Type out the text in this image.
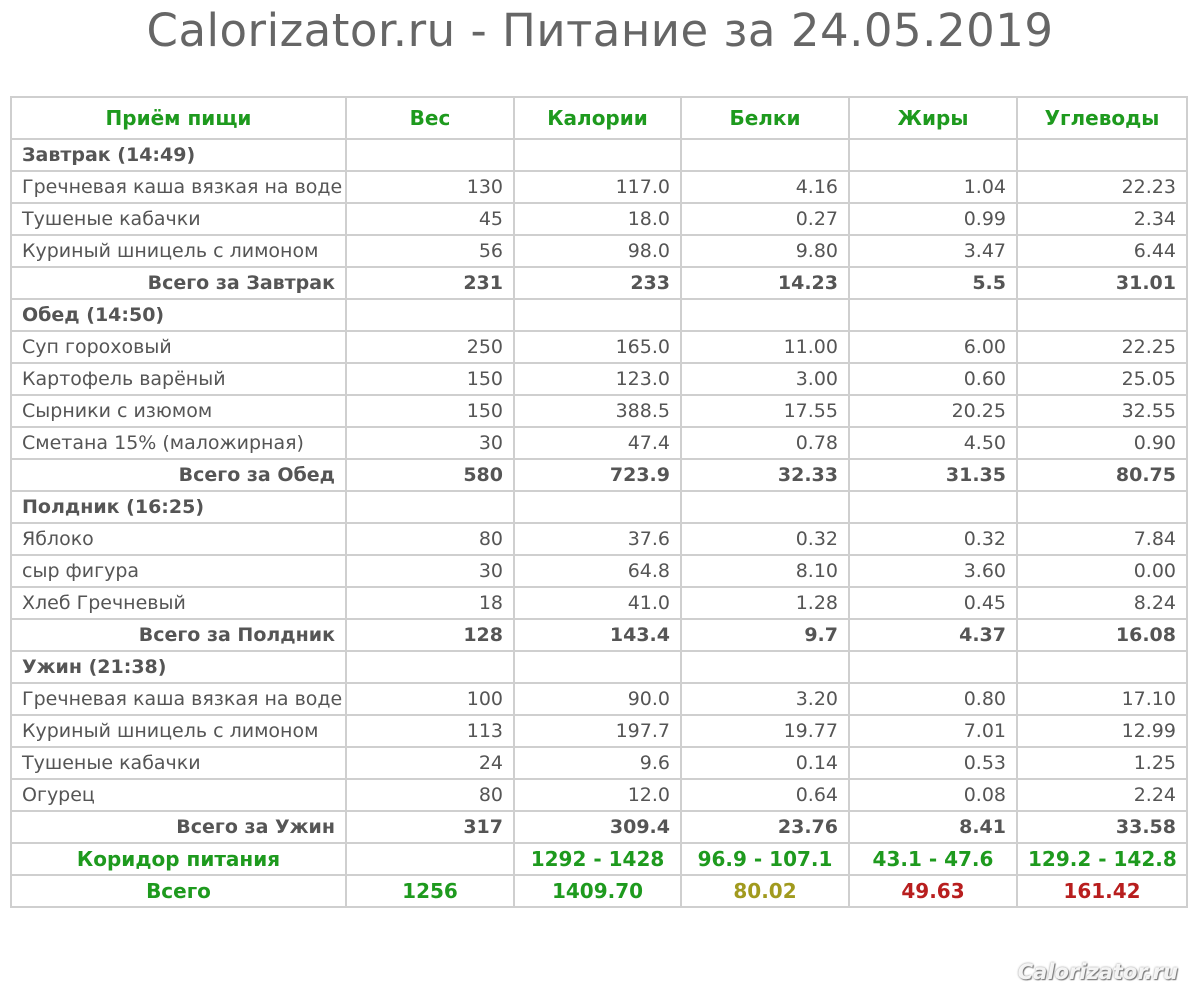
Calorizator.ru - Питание за 24.05.2019
Приём пищи	Вес	Калории	Белки	Жиры	Углеводы
Завтрак (14:49)					
Гречневая каша вязкая на воде	130	117.0	4.16	1.04	22.23
Тушеные кабачки	45	18.0	0.27	0.99	2.34
Куриный шницель с лимоном	56	98.0	9.80	3.47	6.44
Всего за Завтрак	231	233	14.23	5.5	31.01
Обед (14:50)					
Суп гороховый	250	165.0	11.00	6.00	22.25
Картофель варёный	150	123.0	3.00	0.60	25.05
Сырники с изюмом	150	388.5	17.55	20.25	32.55
Сметана 15% (маложирная)	30	47.4	0.78	4.50	0.90
Всего за Обед	580	723.9	32.33	31.35	80.75
Полдник (16:25)					
Яблоко	80	37.6	0.32	0.32	7.84
сыр фигура	30	64.8	8.10	3.60	0.00
Хлеб Гречневый	18	41.0	1.28	0.45	8.24
Всего за Полдник	128	143.4	9.7	4.37	16.08
Ужин (21:38)					
Гречневая каша вязкая на воде	100	90.0	3.20	0.80	17.10
Куриный шницель с лимоном	113	197.7	19.77	7.01	12.99
Тушеные кабачки	24	9.6	0.14	0.53	1.25
Огурец	80	12.0	0.64	0.08	2.24
Всего за Ужин	317	309.4	23.76	8.41	33.58
Коридор питания		1292 - 1428	96.9 - 107.1	43.1 - 47.6	129.2 - 142.8
Всего	1256	1409.70	80.02	49.63	161.42
Calorizator.ru
